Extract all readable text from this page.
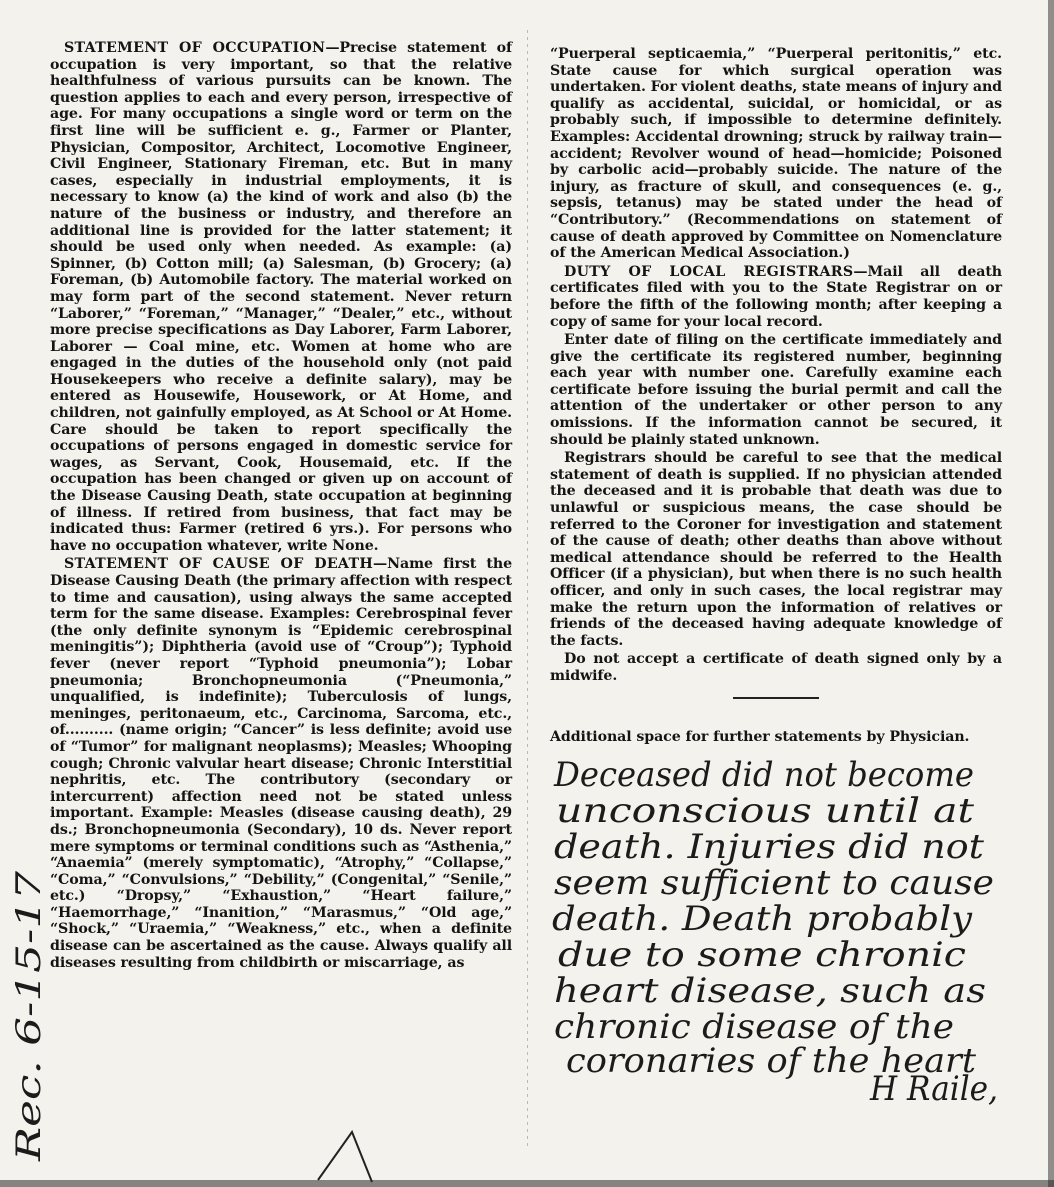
STATEMENT OF OCCUPATION—Precise statement of occupation is very important, so that the relative healthfulness of various pursuits can be known. The question applies to each and every person, irrespective of age. For many occupations a single word or term on the first line will be sufficient e. g., Farmer or Planter, Physician, Compositor, Architect, Locomotive Engineer, Civil Engineer, Stationary Fireman, etc. But in many cases, especially in industrial employments, it is necessary to know (a) the kind of work and also (b) the nature of the business or industry, and therefore an additional line is provided for the latter statement; it should be used only when needed. As example: (a) Spinner, (b) Cotton mill; (a) Salesman, (b) Grocery; (a) Foreman, (b) Automobile factory. The material worked on may form part of the second statement. Never return “Laborer,” “Foreman,” “Manager,” “Dealer,” etc., without more precise specifications as Day Laborer, Farm Laborer, Laborer — Coal mine, etc. Women at home who are engaged in the duties of the household only (not paid Housekeepers who receive a definite salary), may be entered as Housewife, Housework, or At Home, and children, not gainfully employed, as At School or At Home. Care should be taken to report specifically the occupations of persons engaged in domestic service for wages, as Servant, Cook, Housemaid, etc. If the occupation has been changed or given up on account of the Disease Causing Death, state occupation at beginning of illness. If retired from business, that fact may be indicated thus: Farmer (retired 6 yrs.). For persons who have no occupation whatever, write None.

STATEMENT OF CAUSE OF DEATH—Name first the Disease Causing Death (the primary affection with respect to time and causation), using always the same accepted term for the same disease. Examples: Cerebrospinal fever (the only definite synonym is “Epidemic cerebrospinal meningitis”); Diphtheria (avoid use of “Croup”); Typhoid fever (never report “Typhoid pneumonia”); Lobar pneumonia; Bronchopneumonia (“Pneumonia,” unqualified, is indefinite); Tuberculosis of lungs, meninges, peritonaeum, etc., Carcinoma, Sarcoma, etc., of.......... (name origin; “Cancer” is less definite; avoid use of “Tumor” for malignant neoplasms); Measles; Whooping cough; Chronic valvular heart disease; Chronic Interstitial nephritis, etc. The contributory (secondary or intercurrent) affection need not be stated unless important. Example: Measles (disease causing death), 29 ds.; Bronchopneumonia (Secondary), 10 ds. Never report mere symptoms or terminal conditions such as “Asthenia,” “Anaemia” (merely symptomatic), “Atrophy,” “Collapse,” “Coma,” “Convulsions,” “Debility,” (Congenital,” “Senile,” etc.) “Dropsy,” “Exhaustion,” “Heart failure,” “Haemorrhage,” “Inanition,” “Marasmus,” “Old age,” “Shock,” “Uraemia,” “Weakness,” etc., when a definite disease can be ascertained as the cause. Always qualify all diseases resulting from childbirth or miscarriage, as

“Puerperal septicaemia,” “Puerperal peritonitis,” etc. State cause for which surgical operation was undertaken. For violent deaths, state means of injury and qualify as accidental, suicidal, or homicidal, or as probably such, if impossible to determine definitely. Examples: Accidental drowning; struck by railway train—accident; Revolver wound of head—homicide; Poisoned by carbolic acid—probably suicide. The nature of the injury, as fracture of skull, and consequences (e. g., sepsis, tetanus) may be stated under the head of “Contributory.” (Recommendations on statement of cause of death approved by Committee on Nomenclature of the American Medical Association.)

DUTY OF LOCAL REGISTRARS—Mail all death certificates filed with you to the State Registrar on or before the fifth of the following month; after keeping a copy of same for your local record.

Enter date of filing on the certificate immediately and give the certificate its registered number, beginning each year with number one. Carefully examine each certificate before issuing the burial permit and call the attention of the undertaker or other person to any omissions. If the information cannot be secured, it should be plainly stated unknown.

Registrars should be careful to see that the medical statement of death is supplied. If no physician attended the deceased and it is probable that death was due to unlawful or suspicious means, the case should be referred to the Coroner for investigation and statement of the cause of death; other deaths than above without medical attendance should be referred to the Health Officer (if a physician), but when there is no such health officer, and only in such cases, the local registrar may make the return upon the information of relatives or friends of the deceased having adequate knowledge of the facts.

Do not accept a certificate of death signed only by a midwife.

Additional space for further statements by Physician.

Deceased did not become
unconscious until at
death. Injuries did not
seem sufficient to cause
death. Death probably
due to some chronic
heart disease, such as
chronic disease of the
coronaries of the heart
H Raile,
Rec. 6-15-17
